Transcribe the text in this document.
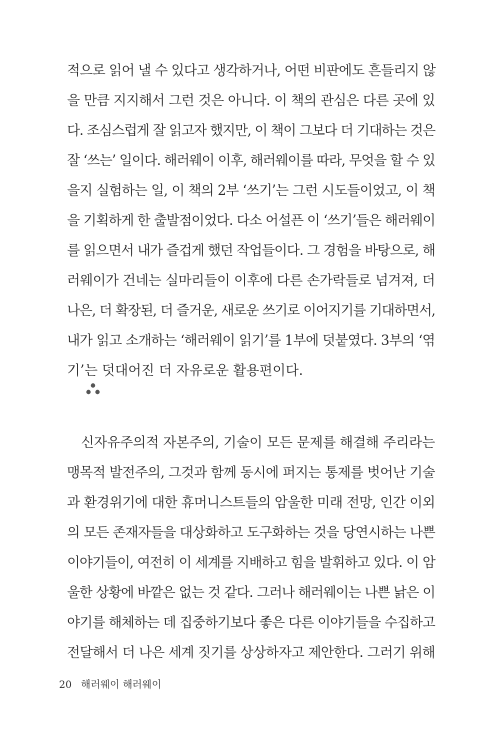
적으로 읽어 낼 수 있다고 생각하거나, 어떤 비판에도 흔들리지 않
을 만큼 지지해서 그런 것은 아니다. 이 책의 관심은 다른 곳에 있
다. 조심스럽게 잘 읽고자 했지만, 이 책이 그보다 더 기대하는 것은
잘 ‘쓰는’ 일이다. 해러웨이 이후, 해러웨이를 따라, 무엇을 할 수 있
을지 실험하는 일, 이 책의 2부 ‘쓰기’는 그런 시도들이었고, 이 책
을 기획하게 한 출발점이었다. 다소 어설픈 이 ‘쓰기’들은 해러웨이
를 읽으면서 내가 즐겁게 했던 작업들이다. 그 경험을 바탕으로, 해
러웨이가 건네는 실마리들이 이후에 다른 손가락들로 넘겨져, 더
나은, 더 확장된, 더 즐거운, 새로운 쓰기로 이어지기를 기대하면서,
내가 읽고 소개하는 ‘해러웨이 읽기’를 1부에 덧붙였다. 3부의 ‘엮
기’는 덧대어진 더 자유로운 활용편이다.
신자유주의적 자본주의, 기술이 모든 문제를 해결해 주리라는
맹목적 발전주의, 그것과 함께 동시에 퍼지는 통제를 벗어난 기술
과 환경위기에 대한 휴머니스트들의 암울한 미래 전망, 인간 이외
의 모든 존재자들을 대상화하고 도구화하는 것을 당연시하는 나쁜
이야기들이, 여전히 이 세계를 지배하고 힘을 발휘하고 있다. 이 암
울한 상황에 바깥은 없는 것 같다. 그러나 해러웨이는 나쁜 낡은 이
야기를 해체하는 데 집중하기보다 좋은 다른 이야기들을 수집하고
전달해서 더 나은 세계 짓기를 상상하자고 제안한다. 그러기 위해
20 해러웨이 해러웨이
